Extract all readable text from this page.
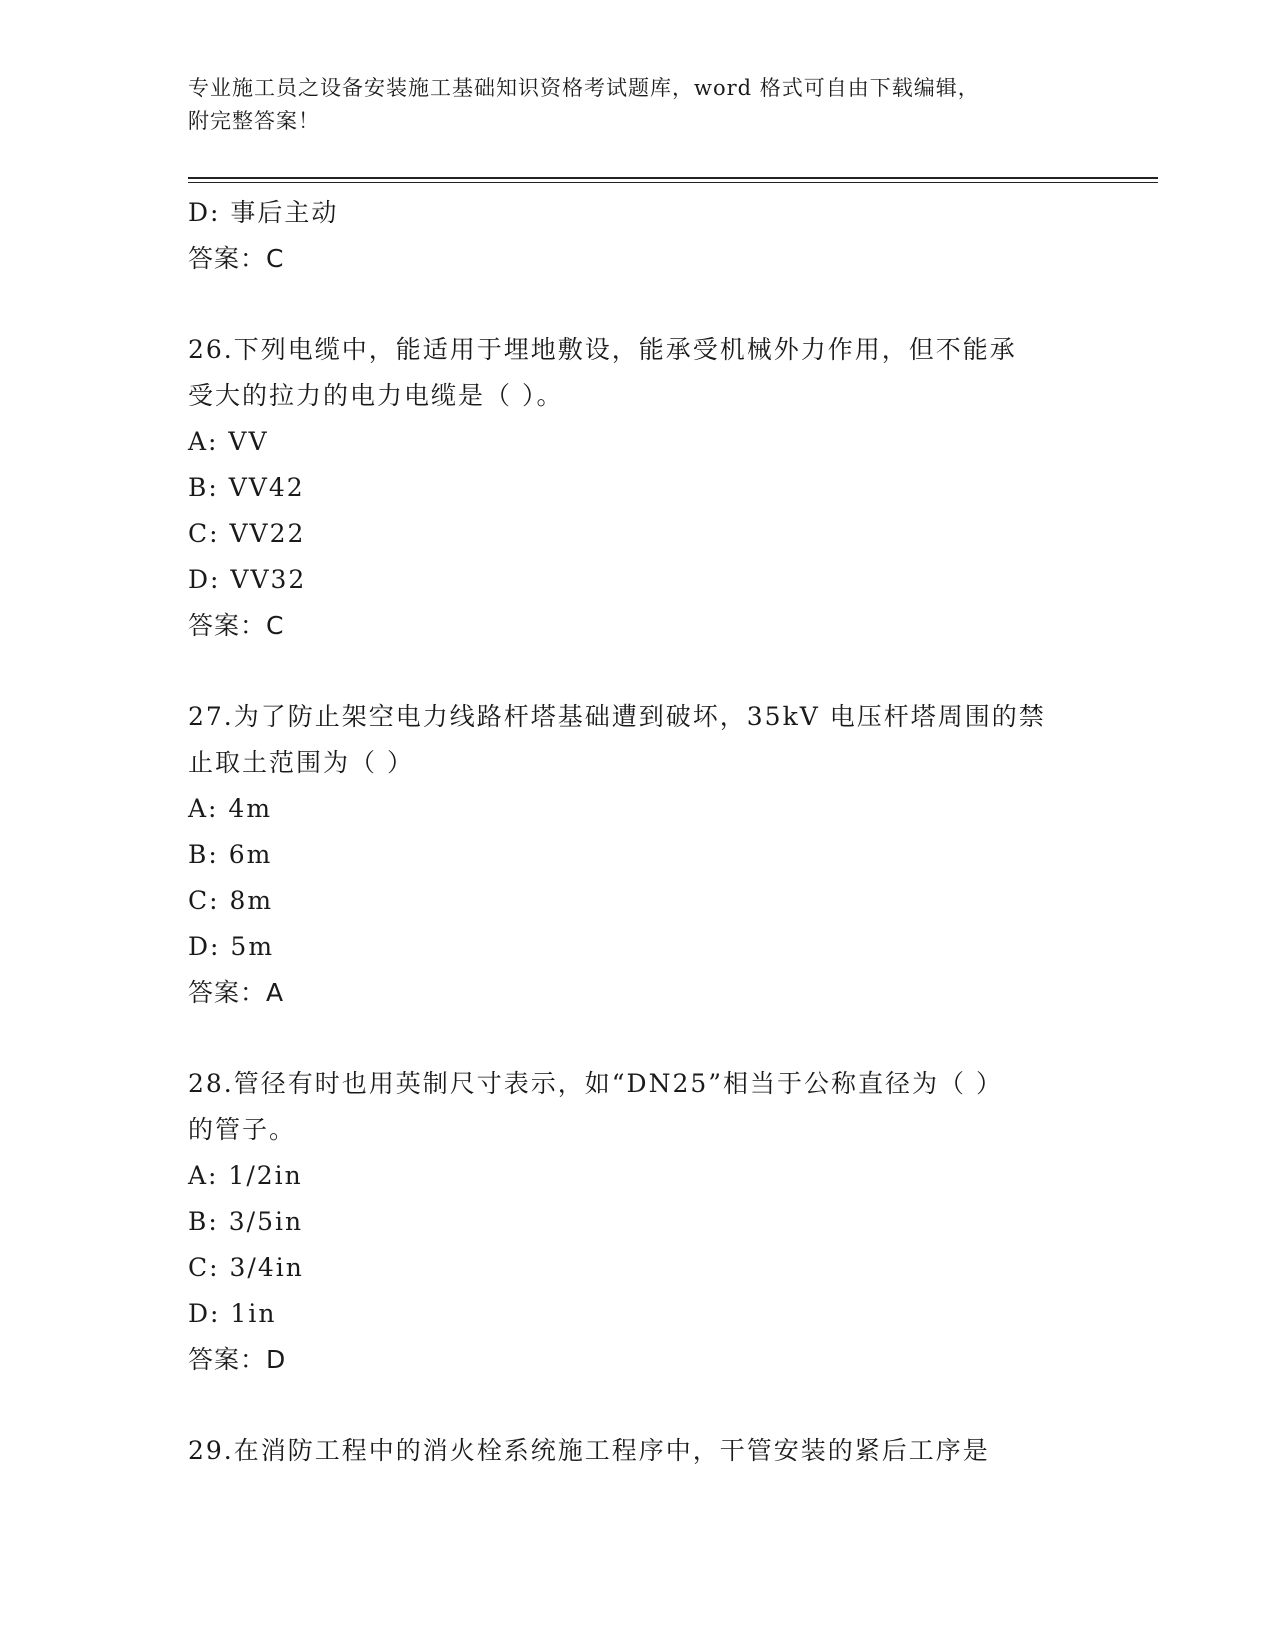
专业施工员之设备安装施工基础知识资格考试题库，word 格式可自由下载编辑，
附完整答案！
D: 事后主动
答案：C
26.下列电缆中，能适用于埋地敷设，能承受机械外力作用，但不能承
受大的拉力的电力电缆是（ ）。
A: VV
B: VV42
C: VV22
D: VV32
答案：C
27.为了防止架空电力线路杆塔基础遭到破坏，35kV 电压杆塔周围的禁
止取土范围为（ ）
A: 4m
B: 6m
C: 8m
D: 5m
答案：A
28.管径有时也用英制尺寸表示，如“DN25”相当于公称直径为（ ）
的管子。
A: 1/2in
B: 3/5in
C: 3/4in
D: 1in
答案：D
29.在消防工程中的消火栓系统施工程序中，干管安装的紧后工序是
